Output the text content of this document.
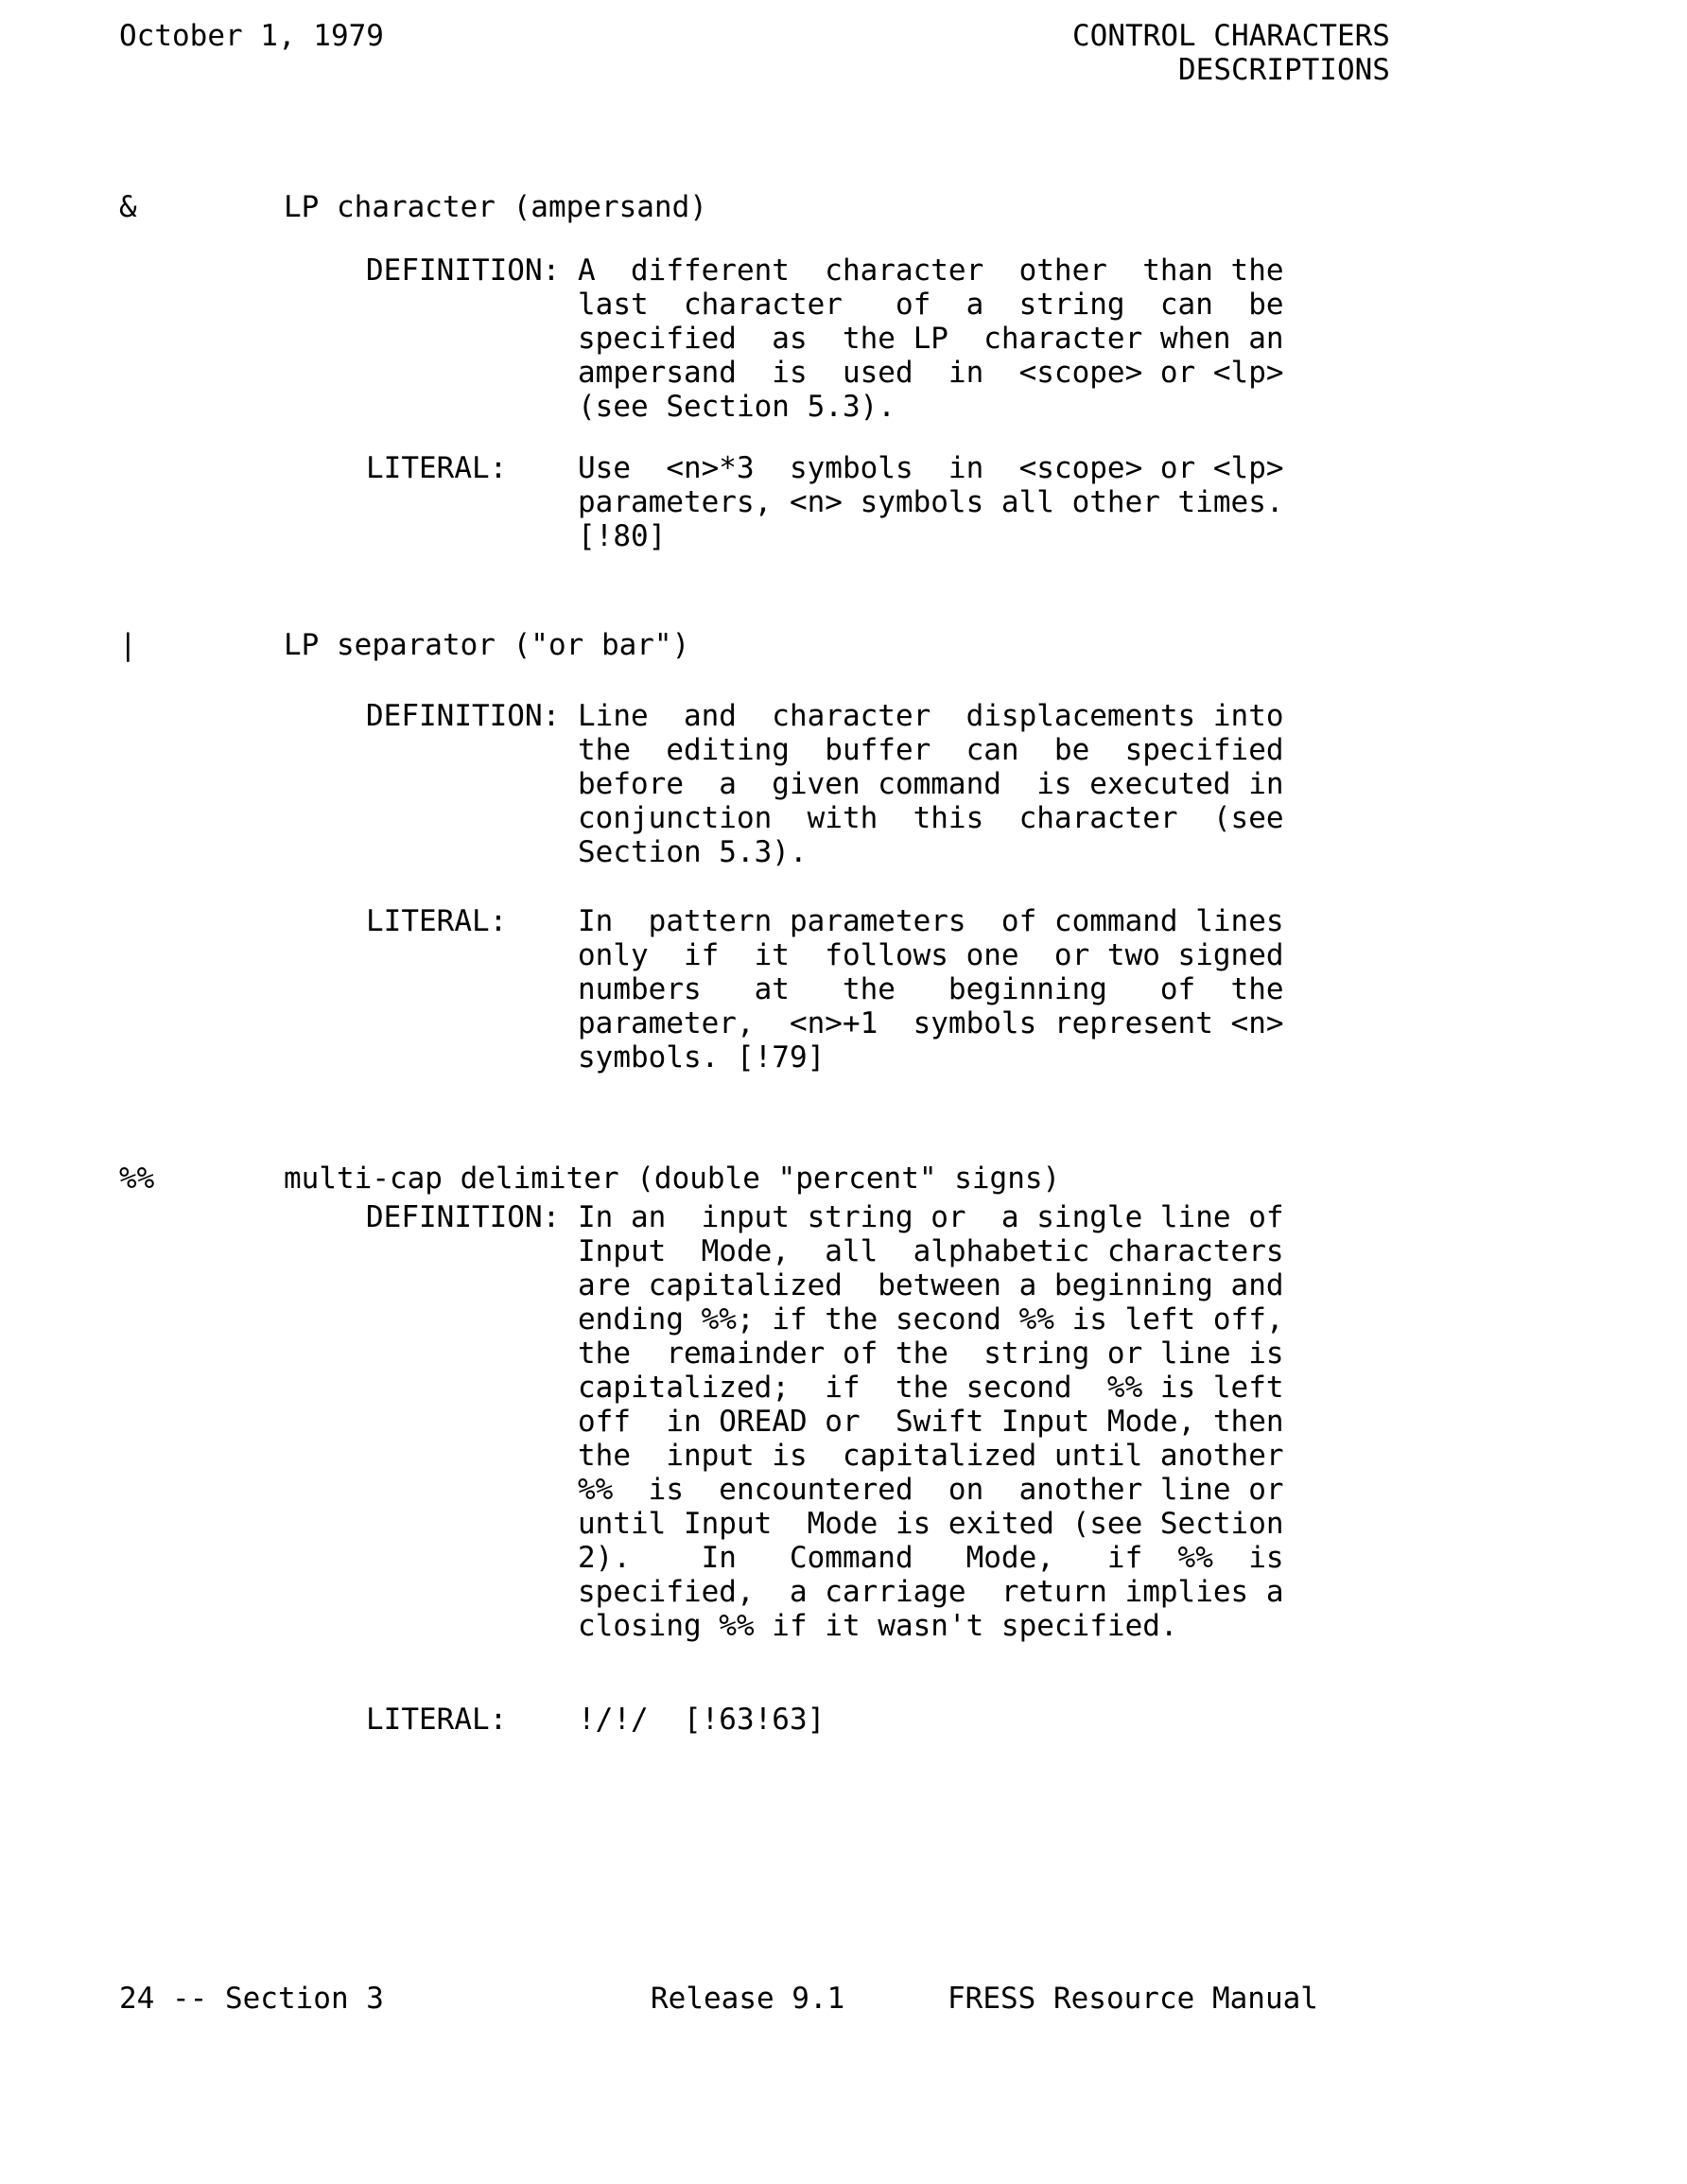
October 1, 1979	CONTROL CHARACTERS
DESCRIPTIONS
&	LP character (ampersand)
DEFINITION: A  different  character  other  than the
last  character   of  a  string  can  be
specified  as  the LP  character when an
ampersand  is  used  in  <scope> or <lp>
(see Section 5.3).
LITERAL: Use  <n>*3  symbols  in  <scope> or <lp>
parameters, <n> symbols all other times.
[!80]
|	LP separator ("or bar")
DEFINITION: Line  and  character  displacements into
the  editing  buffer  can  be  specified
before  a  given command  is executed in
conjunction  with  this  character  (see
Section 5.3).
LITERAL: In  pattern parameters  of command lines
only  if  it  follows one  or two signed
numbers   at   the   beginning   of  the
parameter,  <n>+1  symbols represent <n>
symbols. [!79]
%%	multi-cap delimiter (double "percent" signs)
DEFINITION: In an  input string or  a single line of
Input  Mode,  all  alphabetic characters
are capitalized  between a beginning and
ending %%; if the second %% is left off,
the  remainder of the  string or line is
capitalized;  if  the second  %% is left
off  in OREAD or  Swift Input Mode, then
the  input is  capitalized until another
%%  is  encountered  on  another line or
until Input  Mode is exited (see Section
2).    In   Command   Mode,   if  %%  is
specified,  a carriage  return implies a
closing %% if it wasn't specified.
LITERAL: !/!/  [!63!63]
24 -- Section 3	Release 9.1	FRESS Resource Manual
